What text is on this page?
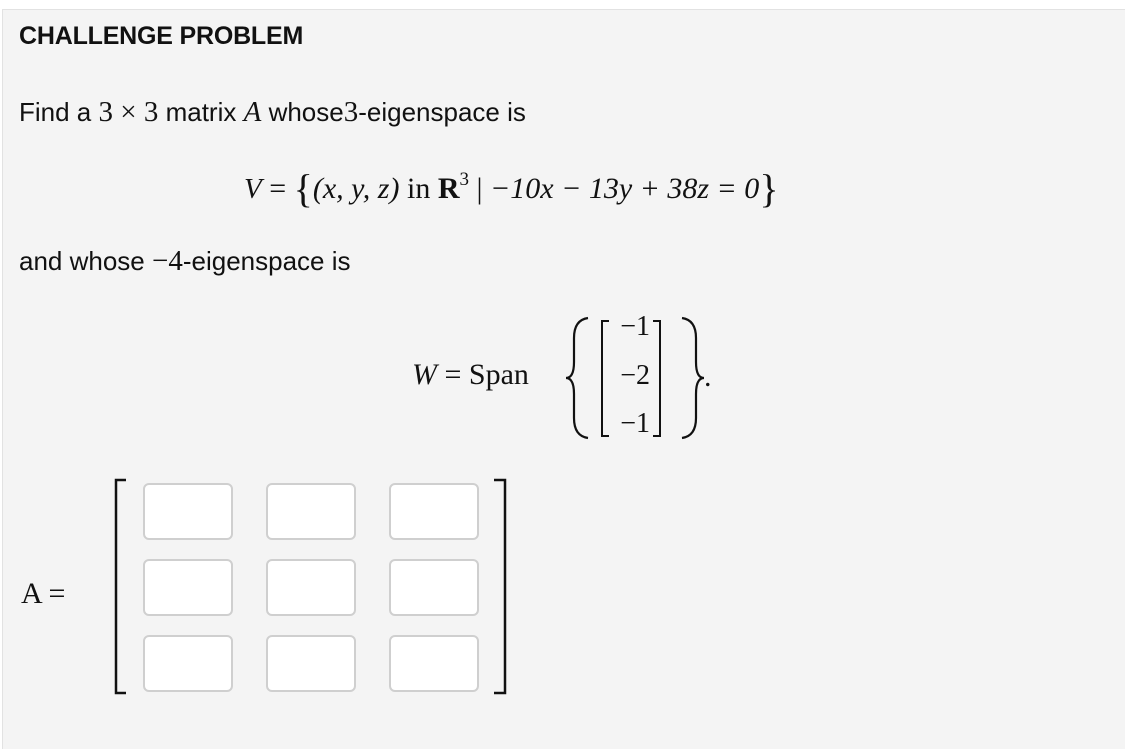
CHALLENGE PROBLEM
Find a 3 × 3 matrix A whose3-eigenspace is
V = {(x, y, z) in $R^3$ | −10x − 13y + 38z = 0}
and whose −4-eigenspace is
W = Span
−1
−2
−1
.
A =
